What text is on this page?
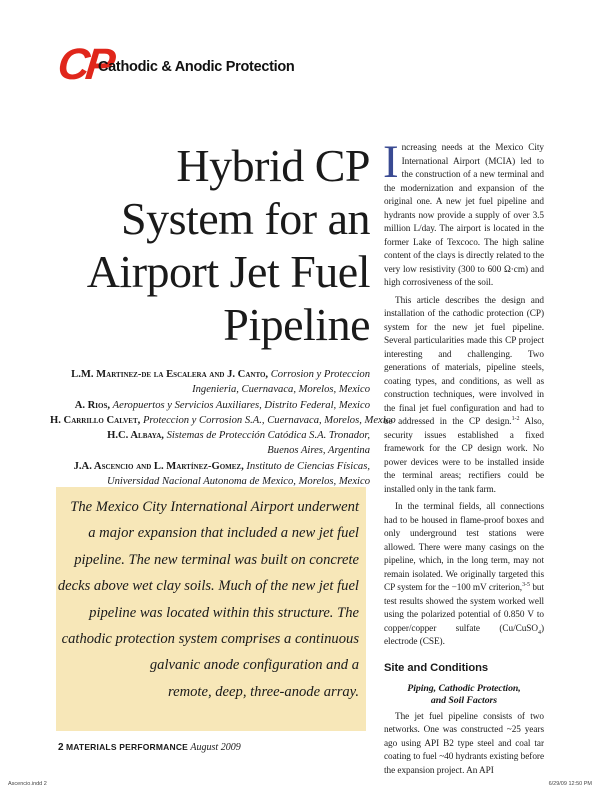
CP
Cathodic & Anodic Protection
Hybrid CP
System for an
Airport Jet Fuel
Pipeline
L.M. Martinez-de la Escalera and J. Canto, Corrosion y Proteccion
Ingenieria, Cuernavaca, Morelos, Mexico
A. Rios, Aeropuertos y Servicios Auxiliares, Distrito Federal, Mexico
H. Carrillo Calvet, Proteccion y Corrosion S.A., Cuernavaca, Morelos, Mexico
H.C. Albaya, Sistemas de Protección Catódica S.A. Tronador,
Buenos Aires, Argentina
J.A. Ascencio and L. Martínez-Gomez, Instituto de Ciencias Físicas,
Universidad Nacional Autonoma de Mexico, Morelos, Mexico
The Mexico City International Airport underwent
a major expansion that included a new jet fuel
pipeline. The new terminal was built on concrete
decks above wet clay soils. Much of the new jet fuel
pipeline was located within this structure. The
cathodic protection system comprises a continuous
galvanic anode configuration and a
remote, deep, three-anode array.

Increasing needs at the Mexico City International Airport (MCIA) led to the construction of a new terminal and the modernization and expansion of the original one. A new jet fuel pipeline and hydrants now provide a supply of over 3.5 million L/day. The airport is located in the former Lake of Texcoco. The high saline content of the clays is directly related to the very low resistivity (300 to 600 Ω·cm) and high corrosiveness of the soil.

This article describes the design and installation of the cathodic protection (CP) system for the new jet fuel pipeline. Several particularities made this CP project interesting and challenging. Two generations of materials, pipeline steels, coating types, and conditions, as well as construction techniques, were involved in the final jet fuel configuration and had to be addressed in the CP design.$^{1-2}$ Also, security issues established a fixed framework for the CP design work. No power devices were to be installed inside the terminal areas; rectifiers could be installed only in the tank farm.

In the terminal fields, all connections had to be housed in flame-proof boxes and only underground test stations were allowed. There were many casings on the pipeline, which, in the long term, may not remain isolated. We originally targeted this CP system for the −100 mV criterion,$^{3-5}$ but test results showed the system worked well using the polarized potential of 0.850 V to copper/copper sulfate (Cu/CuSO$_4$) electrode (CSE).

Site and Conditions
Piping, Cathodic Protection,
and Soil Factors

The jet fuel pipeline consists of two networks. One was constructed ~25 years ago using API B2 type steel and coal tar coating to fuel ~40 hydrants existing before the expansion project. An API

2 MATERIALS PERFORMANCE August 2009
Ascencio.indd 2	6/29/09 12:50 PM
